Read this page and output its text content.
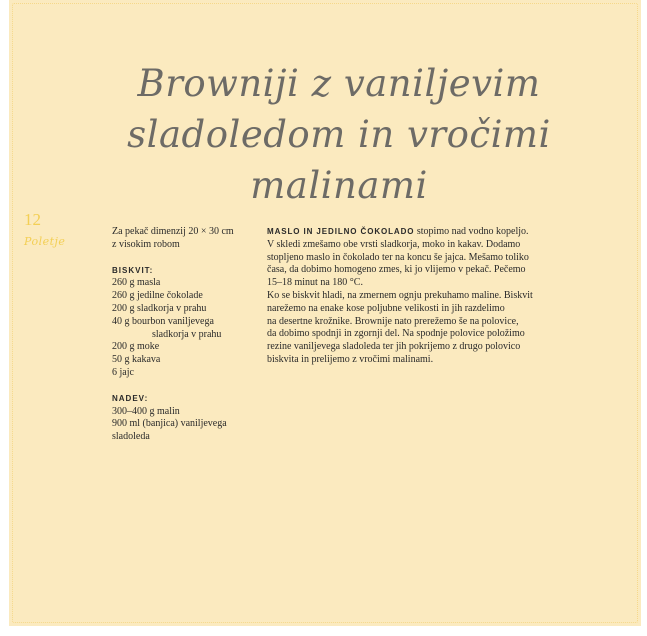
Browniji z vaniljevim
sladoledom in vročimi
malinami
12
Poletje

Za pekač dimenzij 20 × 30 cm

z visokim robom

BISKVIT:

260 g masla

260 g jedilne čokolade

200 g sladkorja v prahu

40 g bourbon vaniljevega

sladkorja v prahu

200 g moke

50 g kakava

6 jajc

NADEV:

300–400 g malin

900 ml (banjica) vaniljevega

sladoleda

MASLO IN JEDILNO ČOKOLADO stopimo nad vodno kopeljo.

V skledi zmešamo obe vrsti sladkorja, moko in kakav. Dodamo

stopljeno maslo in čokolado ter na koncu še jajca. Mešamo toliko

časa, da dobimo homogeno zmes, ki jo vlijemo v pekač. Pečemo

15–18 minut na 180 °C.

Ko se biskvit hladi, na zmernem ognju prekuhamo maline. Biskvit

narežemo na enake kose poljubne velikosti in jih razdelimo

na desertne krožnike. Brownije nato prerežemo še na polovice,

da dobimo spodnji in zgornji del. Na spodnje polovice položimo

rezine vaniljevega sladoleda ter jih pokrijemo z drugo polovico

biskvita in prelijemo z vročimi malinami.
